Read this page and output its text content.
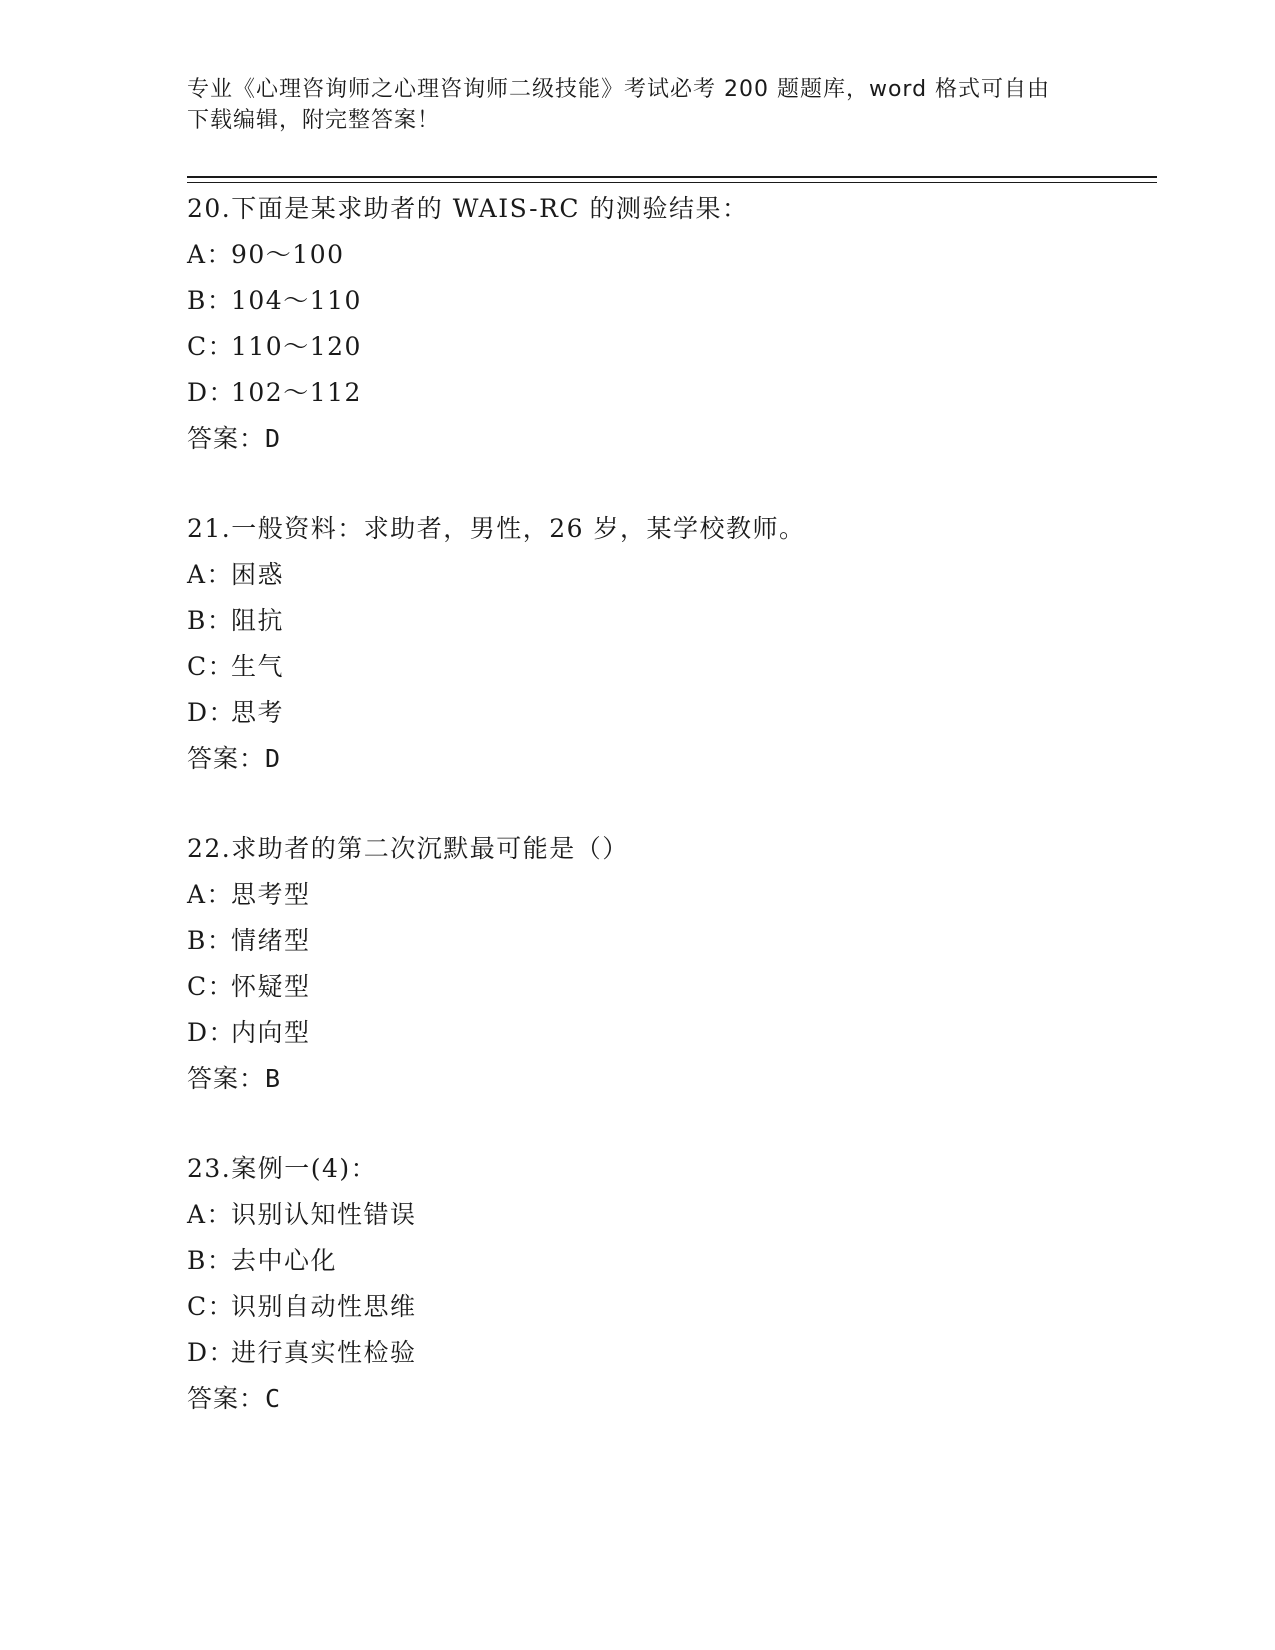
专业《心理咨询师之心理咨询师二级技能》考试必考 200 题题库，word 格式可自由下载编辑，附完整答案！
20.下面是某求助者的 WAIS-RC 的测验结果：
A：90～100
B：104～110
C：110～120
D：102～112
答案：D
21.一般资料：求助者，男性，26 岁，某学校教师。
A：困惑
B：阻抗
C：生气
D：思考
答案：D
22.求助者的第二次沉默最可能是（）
A：思考型
B：情绪型
C：怀疑型
D：内向型
答案：B
23.案例一(4)：
A：识别认知性错误
B：去中心化
C：识别自动性思维
D：进行真实性检验
答案：C
